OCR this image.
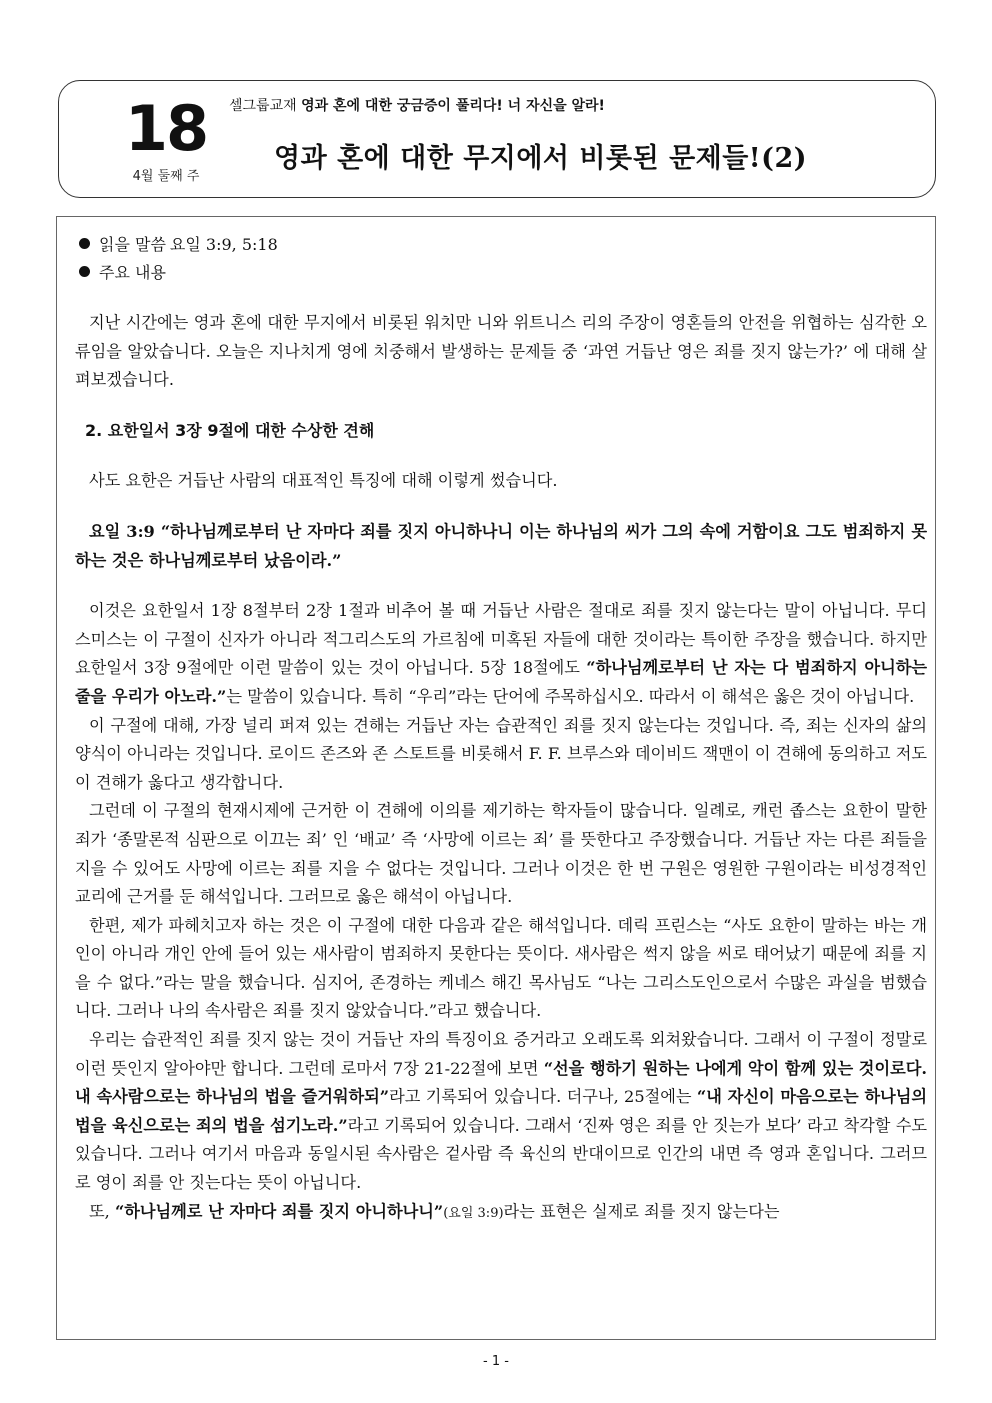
18
4월 둘째 주
셀그룹교재 영과 혼에 대한 궁금증이 풀리다! 너 자신을 알라!
영과 혼에 대한 무지에서 비롯된 문제들!(2)
읽을 말씀 요일 3:9, 5:18
주요 내용

지난 시간에는 영과 혼에 대한 무지에서 비롯된 워치만 니와 위트니스 리의 주장이 영혼들의 안전을 위협하는 심각한 오류임을 알았습니다. 오늘은 지나치게 영에 치중해서 발생하는 문제들 중 ‘과연 거듭난 영은 죄를 짓지 않는가?’ 에 대해 살펴보겠습니다.

2. 요한일서 3장 9절에 대한 수상한 견해

사도 요한은 거듭난 사람의 대표적인 특징에 대해 이렇게 썼습니다.

요일 3:9 “하나님께로부터 난 자마다 죄를 짓지 아니하나니 이는 하나님의 씨가 그의 속에 거함이요 그도 범죄하지 못하는 것은 하나님께로부터 났음이라.”

이것은 요한일서 1장 8절부터 2장 1절과 비추어 볼 때 거듭난 사람은 절대로 죄를 짓지 않는다는 말이 아닙니다. 무디 스미스는 이 구절이 신자가 아니라 적그리스도의 가르침에 미혹된 자들에 대한 것이라는 특이한 주장을 했습니다. 하지만 요한일서 3장 9절에만 이런 말씀이 있는 것이 아닙니다. 5장 18절에도 “하나님께로부터 난 자는 다 범죄하지 아니하는 줄을 우리가 아노라.”는 말씀이 있습니다. 특히 “우리”라는 단어에 주목하십시오. 따라서 이 해석은 옳은 것이 아닙니다.

이 구절에 대해, 가장 널리 퍼져 있는 견해는 거듭난 자는 습관적인 죄를 짓지 않는다는 것입니다. 즉, 죄는 신자의 삶의 양식이 아니라는 것입니다. 로이드 존즈와 존 스토트를 비롯해서 F. F. 브루스와 데이비드 잭맨이 이 견해에 동의하고 저도 이 견해가 옳다고 생각합니다.

그런데 이 구절의 현재시제에 근거한 이 견해에 이의를 제기하는 학자들이 많습니다. 일례로, 캐런 좁스는 요한이 말한 죄가 ‘종말론적 심판으로 이끄는 죄’ 인 ‘배교’ 즉 ‘사망에 이르는 죄’ 를 뜻한다고 주장했습니다. 거듭난 자는 다른 죄들을 지을 수 있어도 사망에 이르는 죄를 지을 수 없다는 것입니다. 그러나 이것은 한 번 구원은 영원한 구원이라는 비성경적인 교리에 근거를 둔 해석입니다. 그러므로 옳은 해석이 아닙니다.

한편, 제가 파헤치고자 하는 것은 이 구절에 대한 다음과 같은 해석입니다. 데릭 프린스는 “사도 요한이 말하는 바는 개인이 아니라 개인 안에 들어 있는 새사람이 범죄하지 못한다는 뜻이다. 새사람은 썩지 않을 씨로 태어났기 때문에 죄를 지을 수 없다.”라는 말을 했습니다. 심지어, 존경하는 케네스 해긴 목사님도 “나는 그리스도인으로서 수많은 과실을 범했습니다. 그러나 나의 속사람은 죄를 짓지 않았습니다.”라고 했습니다.

우리는 습관적인 죄를 짓지 않는 것이 거듭난 자의 특징이요 증거라고 오래도록 외쳐왔습니다. 그래서 이 구절이 정말로 이런 뜻인지 알아야만 합니다. 그런데 로마서 7장 21-22절에 보면 “선을 행하기 원하는 나에게 악이 함께 있는 것이로다. 내 속사람으로는 하나님의 법을 즐거워하되”라고 기록되어 있습니다. 더구나, 25절에는 “내 자신이 마음으로는 하나님의 법을 육신으로는 죄의 법을 섬기노라.”라고 기록되어 있습니다. 그래서 ‘진짜 영은 죄를 안 짓는가 보다’ 라고 착각할 수도 있습니다. 그러나 여기서 마음과 동일시된 속사람은 겉사람 즉 육신의 반대이므로 인간의 내면 즉 영과 혼입니다. 그러므로 영이 죄를 안 짓는다는 뜻이 아닙니다.

또, “하나님께로 난 자마다 죄를 짓지 아니하나니”(요일 3:9)라는 표현은 실제로 죄를 짓지 않는다는

- 1 -
